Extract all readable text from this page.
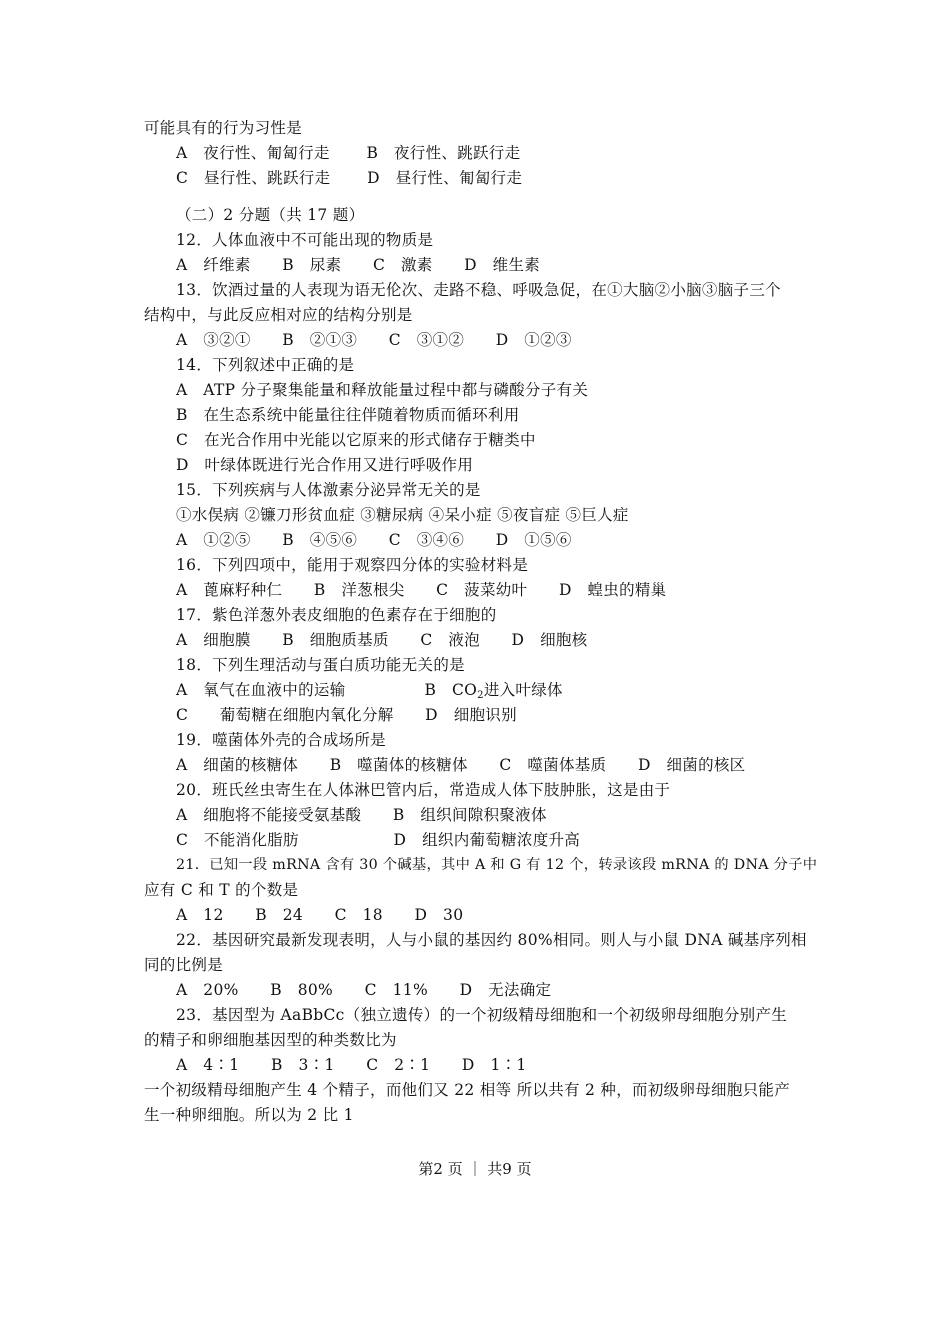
可能具有的行为习性是
A　夜行性、匍匐行走　　 B　夜行性、跳跃行走
C　昼行性、跳跃行走　　 D　昼行性、匍匐行走
（二）2 分题（共 17 题）
12．人体血液中不可能出现的物质是
A　纤维素　　B　尿素　　C　激素　　D　维生素
13．饮酒过量的人表现为语无伦次、走路不稳、呼吸急促，在①大脑②小脑③脑子三个
结构中，与此反应相对应的结构分别是
A　③②①　　B　②①③　　C　③①②　　D　①②③
14．下列叙述中正确的是
A　ATP 分子聚集能量和释放能量过程中都与磷酸分子有关
B　在生态系统中能量往往伴随着物质而循环利用
C　在光合作用中光能以它原来的形式储存于糖类中
D　叶绿体既进行光合作用又进行呼吸作用
15．下列疾病与人体激素分泌异常无关的是
①水俣病 ②镰刀形贫血症 ③糖尿病 ④呆小症 ⑤夜盲症 ⑤巨人症
A　①②⑤　　B　④⑤⑥　　C　③④⑥　　D　①⑤⑥
16．下列四项中，能用于观察四分体的实验材料是
A　蓖麻籽种仁　　B　洋葱根尖　　C　菠菜幼叶　　D　蝗虫的精巢
17．紫色洋葱外表皮细胞的色素存在于细胞的
A　细胞膜　　B　细胞质基质　　C　液泡　　D　细胞核
18．下列生理活动与蛋白质功能无关的是
A　氧气在血液中的运输　　　　　B　$CO_2$进入叶绿体
C　　葡萄糖在细胞内氧化分解　　D　细胞识别
19．噬菌体外壳的合成场所是
A　细菌的核糖体　　B　噬菌体的核糖体　　C　噬菌体基质　　D　细菌的核区
20．班氏丝虫寄生在人体淋巴管内后，常造成人体下肢肿胀，这是由于
A　细胞将不能接受氨基酸　　B　组织间隙积聚液体
C　不能消化脂肪　　　　　　D　组织内葡萄糖浓度升高
21．已知一段 mRNA 含有 30 个碱基，其中 A 和 G 有 12 个，转录该段 mRNA 的 DNA 分子中
应有 C 和 T 的个数是
A　12　　B　24　　C　18　　D　30
22．基因研究最新发现表明，人与小鼠的基因约 80%相同。则人与小鼠 DNA 碱基序列相
同的比例是
A　20%　　B　80%　　C　11%　　D　无法确定
23．基因型为 AaBbCc（独立遗传）的一个初级精母细胞和一个初级卵母细胞分别产生
的精子和卵细胞基因型的种类数比为
A　4∶1　　B　3∶1　　C　2∶1　　D　1∶1
一个初级精母细胞产生 4 个精子，而他们又 22 相等 所以共有 2 种，而初级卵母细胞只能产
生一种卵细胞。所以为 2 比 1
第2 页 ｜ 共9 页
